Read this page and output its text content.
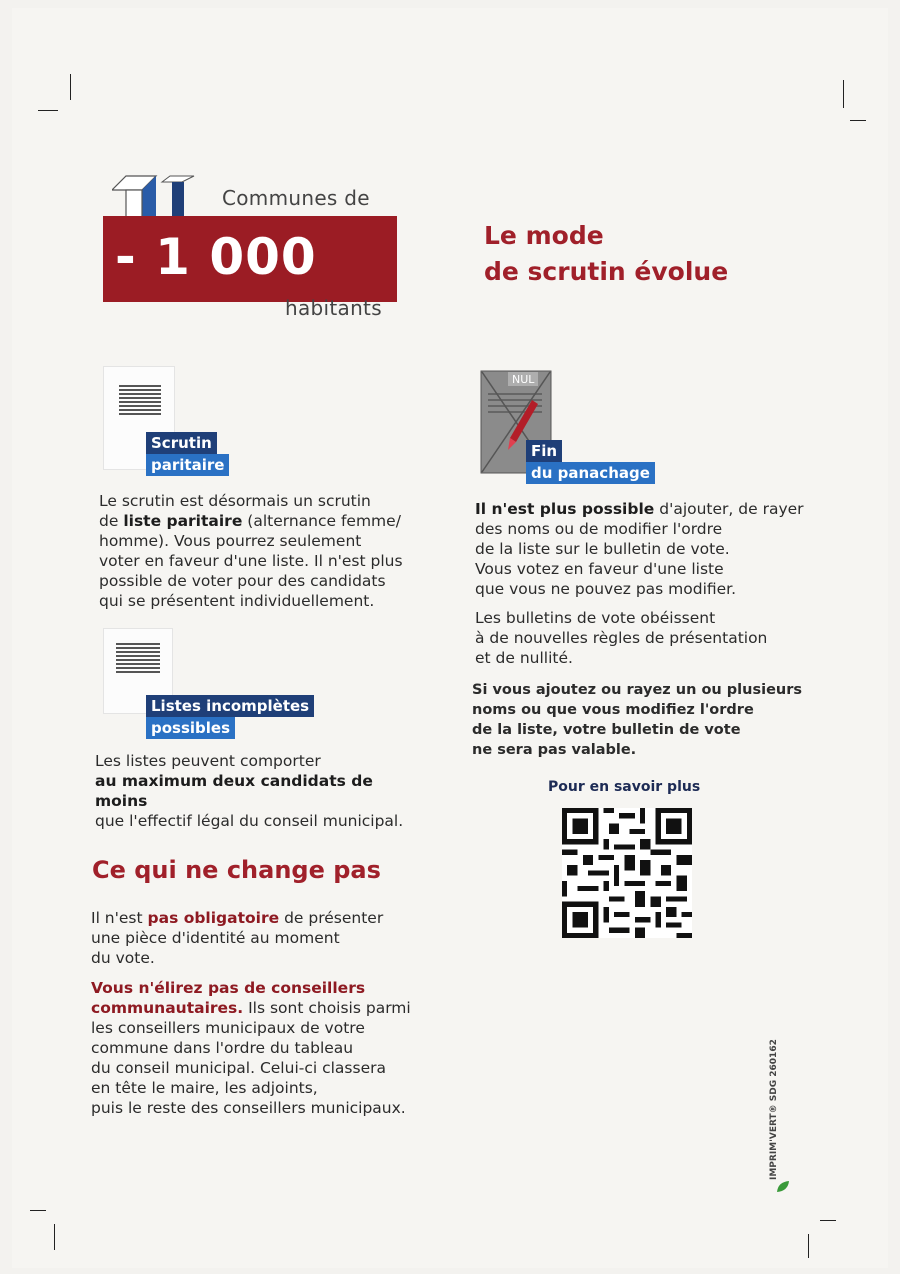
Communes de
- 1 000
habitants
Le mode
de scrutin évolue
Scrutin
paritaire
Le scrutin est désormais un scrutin
de liste paritaire (alternance femme/
homme). Vous pourrez seulement
voter en faveur d'une liste. Il n'est plus
possible de voter pour des candidats
qui se présentent individuellement.
Listes incomplètes
possibles
Les listes peuvent comporter
au maximum deux candidats de moins
que l'effectif légal du conseil municipal.
NUL
Fin
du panachage
Il n'est plus possible d'ajouter, de rayer
des noms ou de modifier l'ordre
de la liste sur le bulletin de vote.
Vous votez en faveur d'une liste
que vous ne pouvez pas modifier.
Les bulletins de vote obéissent
à de nouvelles règles de présentation
et de nullité.
Si vous ajoutez ou rayez un ou plusieurs
noms ou que vous modifiez l'ordre
de la liste, votre bulletin de vote
ne sera pas valable.
Pour en savoir plus
Ce qui ne change pas
Il n'est pas obligatoire de présenter
une pièce d'identité au moment
du vote.
Vous n'élirez pas de conseillers
communautaires. Ils sont choisis parmi
les conseillers municipaux de votre
commune dans l'ordre du tableau
du conseil municipal. Celui-ci classera
en tête le maire, les adjoints,
puis le reste des conseillers municipaux.	IMPRIM'VERT® SDG 260162
